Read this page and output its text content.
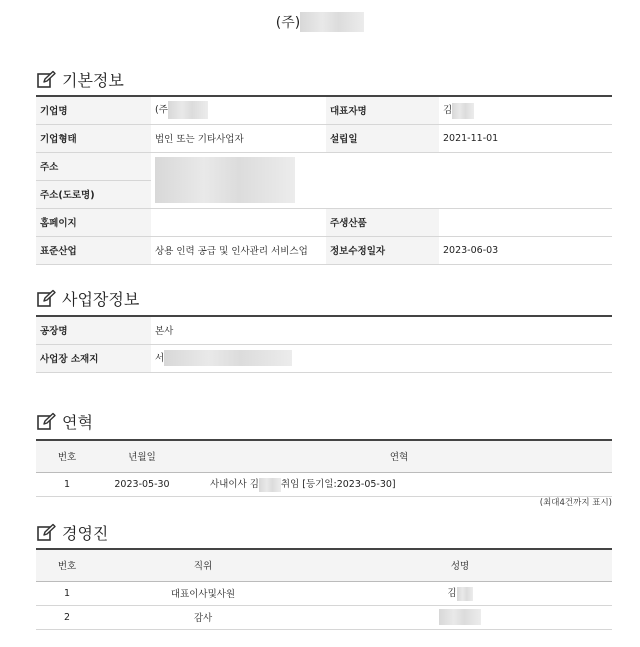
(주)
기본정보
기업명	(주	대표자명	김
기업형태	법인 또는 기타사업자	설립일	2021-11-01
주소			
주소(도로명)			
홈페이지		주생산품	
표준산업	상용 인력 공급 및 인사관리 서비스업	정보수정일자	2023-06-03
사업장정보
공장명	본사
사업장 소재지	서
연혁
번호	년월일	연혁
1	2023-05-30	사내이사 김 취임 [등기일:2023-05-30]
(최대4건까지 표시)
경영진
번호	직위	성명
1	대표이사및사원	김
2	감사	
